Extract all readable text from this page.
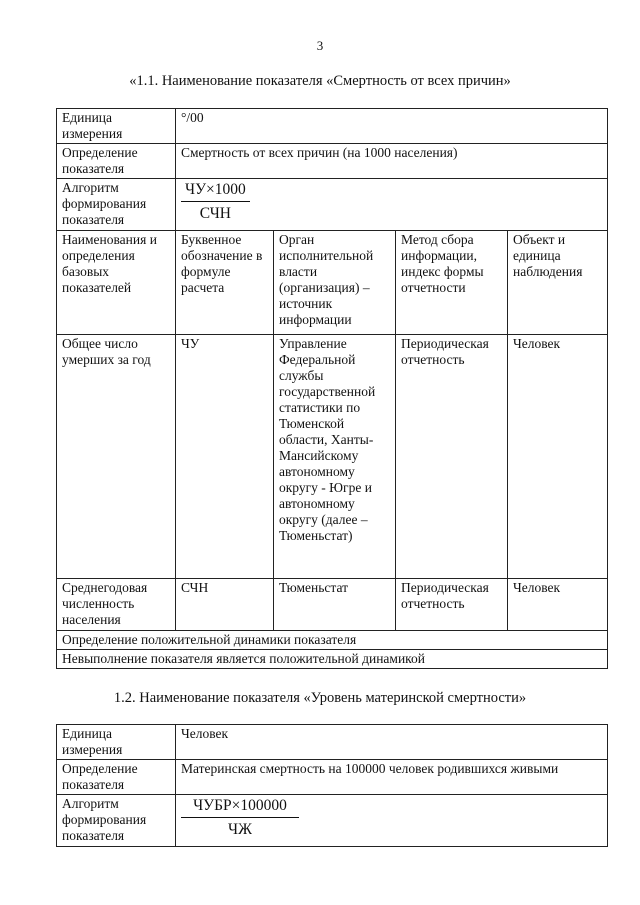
3
«1.1. Наименование показателя «Смертность от всех причин»
Единица измерения	°/00			
Определение показателя	Смертность от всех причин (на 1000 населения)			
Алгоритм формирования показателя	$\frac{ЧУ\times 1000}{\text{СЧН}}$

Наименования и определения базовых показателей	Буквенное обозначение в формуле расчета	Орган исполнительной власти (организация) – источник информации	Метод сбора информации, индекс формы отчетности	Объект и единица наблюдения
Общее число умерших за год	ЧУ	Управление Федеральной службы государственной статистики по Тюменской области, Ханты-Мансийскому автономному округу - Югре и автономному округу (далее – Тюменьстат)	Периодическая отчетность	Человек
Среднегодовая численность населения	СЧН	Тюменьстат	Периодическая отчетность	Человек
Определение положительной динамики показателя				
Невыполнение показателя является положительной динамикой				
1.2. Наименование показателя «Уровень материнской смертности»
Единица измерения	Человек
Определение показателя	Материнская смертность на 100000 человек родившихся живыми
Алгоритм формирования показателя	$\frac{\text{ЧУБР×100000}}{ЧЖ}$
